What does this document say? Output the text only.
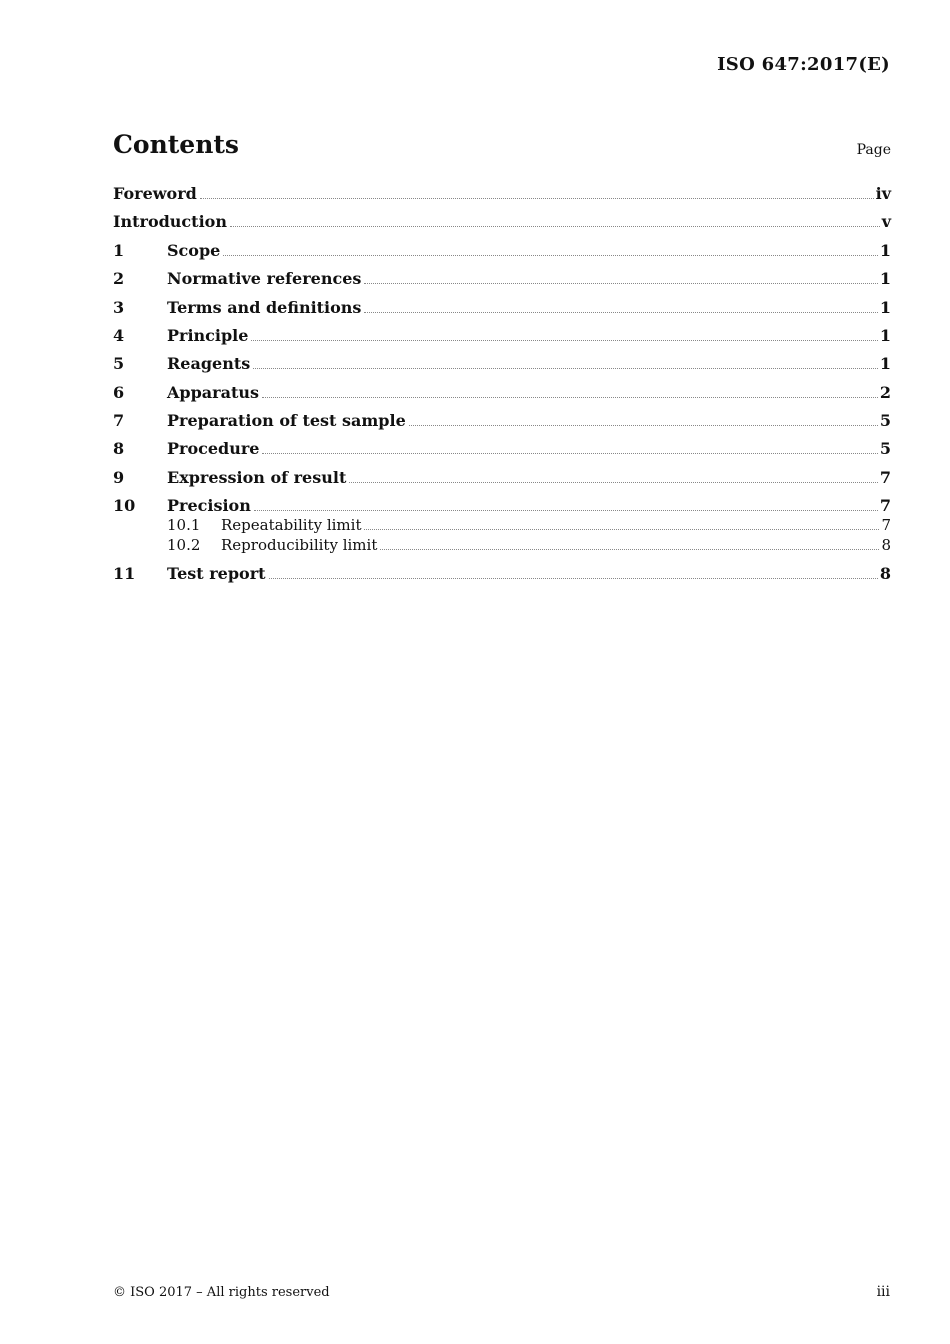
ISO 647:2017(E)
Contents	Page
Foreword	iv
Introduction	v
1	Scope	1
2	Normative references	1
3	Terms and definitions	1
4	Principle	1
5	Reagents	1
6	Apparatus	2
7	Preparation of test sample	5
8	Procedure	5
9	Expression of result	7
10	Precision	7
10.1	Repeatability limit	7
10.2	Reproducibility limit	8
11	Test report	8
© ISO 2017 – All rights reserved	iii
